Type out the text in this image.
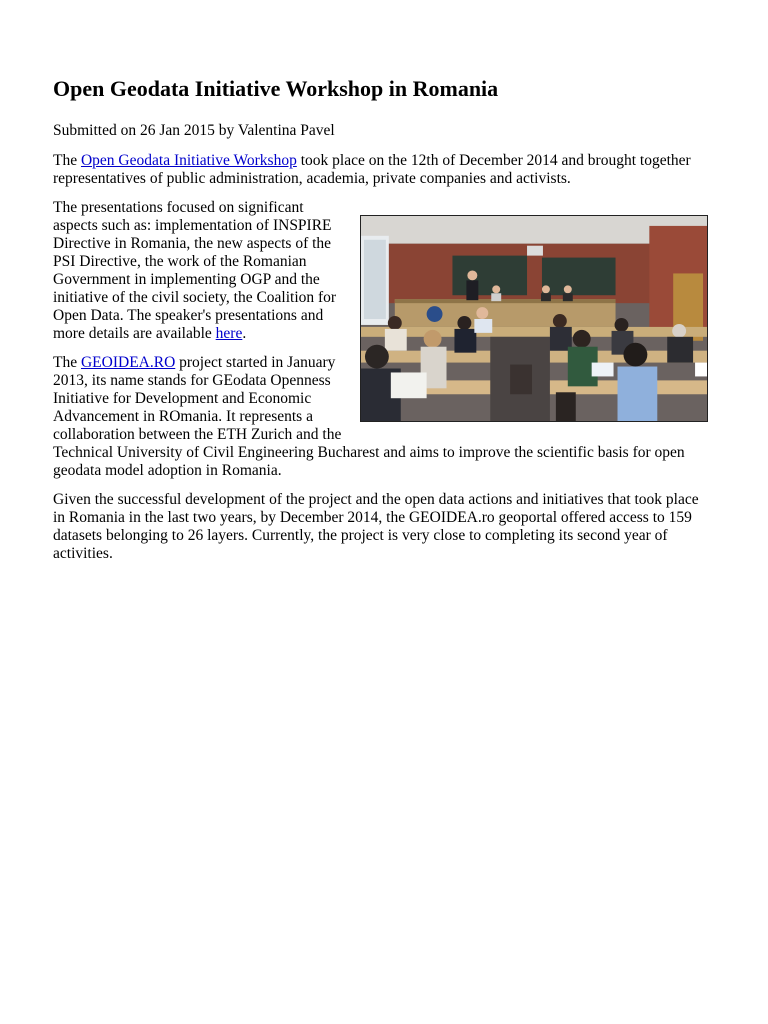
Open Geodata Initiative Workshop in Romania

Submitted on 26 Jan 2015 by Valentina Pavel

The Open Geodata Initiative Workshop took place on the 12th of December 2014 and brought together representatives of public administration, academia, private companies and activists.

The presentations focused on significant aspects such as: implementation of INSPIRE Directive in Romania, the new aspects of the PSI Directive, the work of the Romanian Government in implementing OGP and the initiative of the civil society, the Coalition for Open Data. The speaker's presentations and more details are available here.

The GEOIDEA.RO project started in January 2013, its name stands for GEodata Openness Initiative for Development and Economic Advancement in ROmania. It represents a collaboration between the ETH Zurich and the Technical University of Civil Engineering Bucharest and aims to improve the scientific basis for open geodata model adoption in Romania.

Given the successful development of the project and the open data actions and initiatives that took place in Romania in the last two years, by December 2014, the GEOIDEA.ro geoportal offered access to 159 datasets belonging to 26 layers. Currently, the project is very close to completing its second year of activities.
